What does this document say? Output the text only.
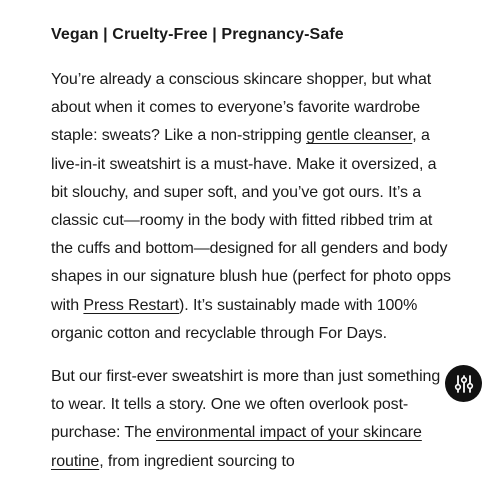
Vegan | Cruelty-Free | Pregnancy-Safe

You’re already a conscious skincare shopper, but what about when it comes to everyone’s favorite wardrobe staple: sweats? Like a non-stripping gentle cleanser, a live-in-it sweatshirt is a must-have. Make it oversized, a bit slouchy, and super soft, and you’ve got ours. It’s a classic cut—roomy in the body with fitted ribbed trim at the cuffs and bottom—designed for all genders and body shapes in our signature blush hue (perfect for photo opps with Press Restart). It’s sustainably made with 100% organic cotton and recyclable through For Days.

But our first-ever sweatshirt is more than just something to wear. It tells a story. One we often overlook post-purchase: The environmental impact of your skincare routine, from ingredient sourcing to
